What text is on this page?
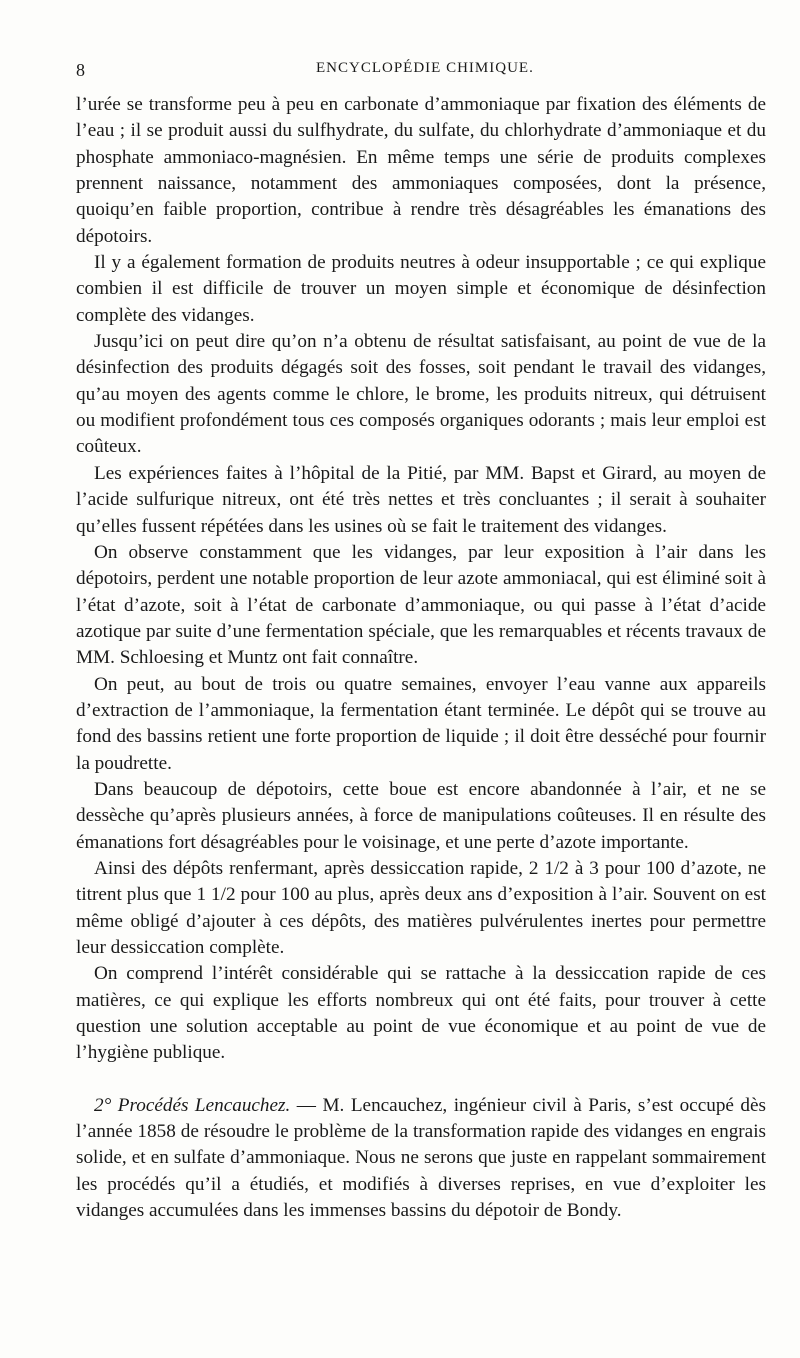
8	ENCYCLOPÉDIE CHIMIQUE.

l’urée se transforme peu à peu en carbonate d’ammoniaque par fixation des éléments de l’eau ; il se produit aussi du sulfhydrate, du sulfate, du chlorhydrate d’ammoniaque et du phosphate ammoniaco-magnésien. En même temps une série de produits complexes prennent naissance, notamment des ammoniaques composées, dont la présence, quoiqu’en faible proportion, contribue à rendre très désagréables les émanations des dépotoirs.

Il y a également formation de produits neutres à odeur insupportable ; ce qui explique combien il est difficile de trouver un moyen simple et économique de désinfection complète des vidanges.

Jusqu’ici on peut dire qu’on n’a obtenu de résultat satisfaisant, au point de vue de la désinfection des produits dégagés soit des fosses, soit pendant le travail des vidanges, qu’au moyen des agents comme le chlore, le brome, les produits nitreux, qui détruisent ou modifient profondément tous ces composés organiques odorants ; mais leur emploi est coûteux.

Les expériences faites à l’hôpital de la Pitié, par MM. Bapst et Girard, au moyen de l’acide sulfurique nitreux, ont été très nettes et très concluantes ; il serait à souhaiter qu’elles fussent répétées dans les usines où se fait le traitement des vidanges.

On observe constamment que les vidanges, par leur exposition à l’air dans les dépotoirs, perdent une notable proportion de leur azote ammoniacal, qui est éliminé soit à l’état d’azote, soit à l’état de carbonate d’ammoniaque, ou qui passe à l’état d’acide azotique par suite d’une fermentation spéciale, que les remarquables et récents travaux de MM. Schloesing et Muntz ont fait connaître.

On peut, au bout de trois ou quatre semaines, envoyer l’eau vanne aux appareils d’extraction de l’ammoniaque, la fermentation étant terminée. Le dépôt qui se trouve au fond des bassins retient une forte proportion de liquide ; il doit être desséché pour fournir la poudrette.

Dans beaucoup de dépotoirs, cette boue est encore abandonnée à l’air, et ne se dessèche qu’après plusieurs années, à force de manipulations coûteuses. Il en résulte des émanations fort désagréables pour le voisinage, et une perte d’azote importante.

Ainsi des dépôts renfermant, après dessiccation rapide, 2 1/2 à 3 pour 100 d’azote, ne titrent plus que 1 1/2 pour 100 au plus, après deux ans d’exposition à l’air. Souvent on est même obligé d’ajouter à ces dépôts, des matières pulvérulentes inertes pour permettre leur dessiccation complète.

On comprend l’intérêt considérable qui se rattache à la dessiccation rapide de ces matières, ce qui explique les efforts nombreux qui ont été faits, pour trouver à cette question une solution acceptable au point de vue économique et au point de vue de l’hygiène publique.

2° Procédés Lencauchez. — M. Lencauchez, ingénieur civil à Paris, s’est occupé dès l’année 1858 de résoudre le problème de la transformation rapide des vidanges en engrais solide, et en sulfate d’ammoniaque. Nous ne serons que juste en rappelant sommairement les procédés qu’il a étudiés, et modifiés à diverses reprises, en vue d’exploiter les vidanges accumulées dans les immenses bassins du dépotoir de Bondy.
